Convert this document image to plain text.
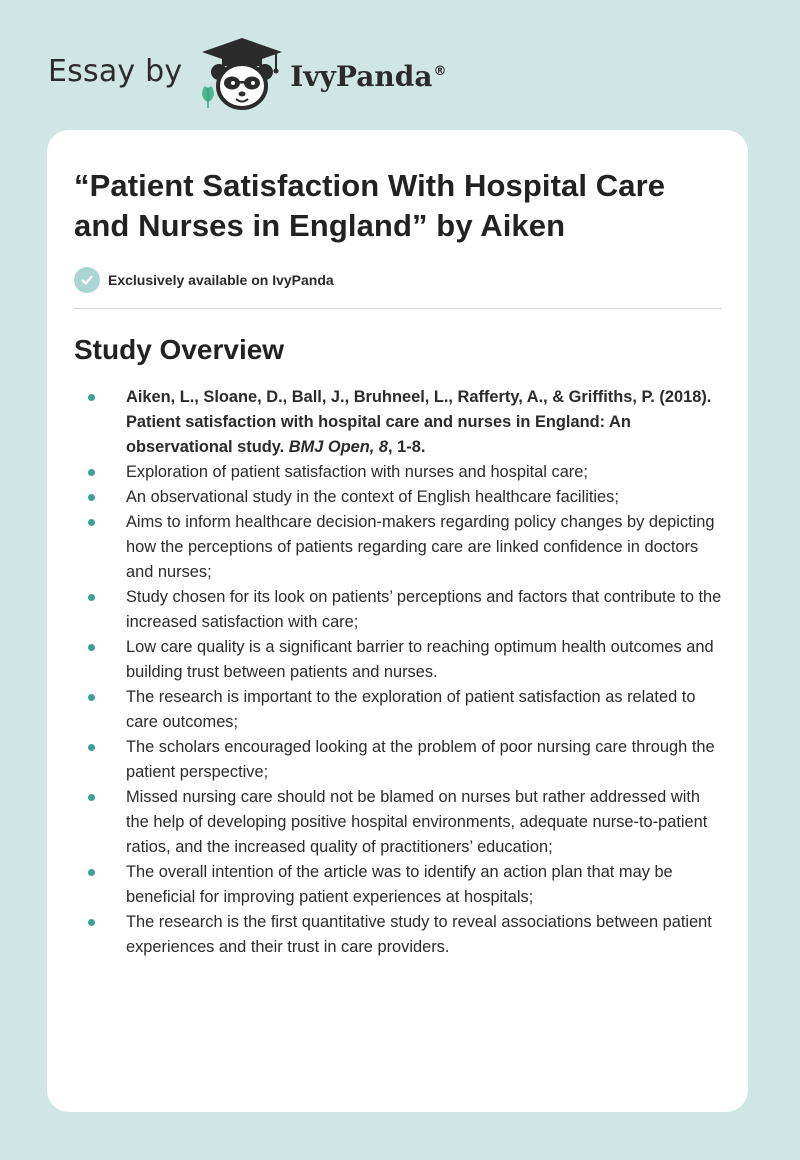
Essay by	IvyPanda®
“Patient Satisfaction With Hospital Care and Nurses in England” by Aiken
Exclusively available on IvyPanda
Study Overview
Aiken, L., Sloane, D., Ball, J., Bruhneel, L., Rafferty, A., & Griffiths, P. (2018). Patient satisfaction with hospital care and nurses in England: An observational study. BMJ Open, 8, 1-8.
Exploration of patient satisfaction with nurses and hospital care;
An observational study in the context of English healthcare facilities;
Aims to inform healthcare decision-makers regarding policy changes by depicting how the perceptions of patients regarding care are linked confidence in doctors and nurses;
Study chosen for its look on patients’ perceptions and factors that contribute to the increased satisfaction with care;
Low care quality is a significant barrier to reaching optimum health outcomes and building trust between patients and nurses.
The research is important to the exploration of patient satisfaction as related to care outcomes;
The scholars encouraged looking at the problem of poor nursing care through the patient perspective;
Missed nursing care should not be blamed on nurses but rather addressed with the help of developing positive hospital environments, adequate nurse-to-patient ratios, and the increased quality of practitioners’ education;
The overall intention of the article was to identify an action plan that may be beneficial for improving patient experiences at hospitals;
The research is the first quantitative study to reveal associations between patient experiences and their trust in care providers.
